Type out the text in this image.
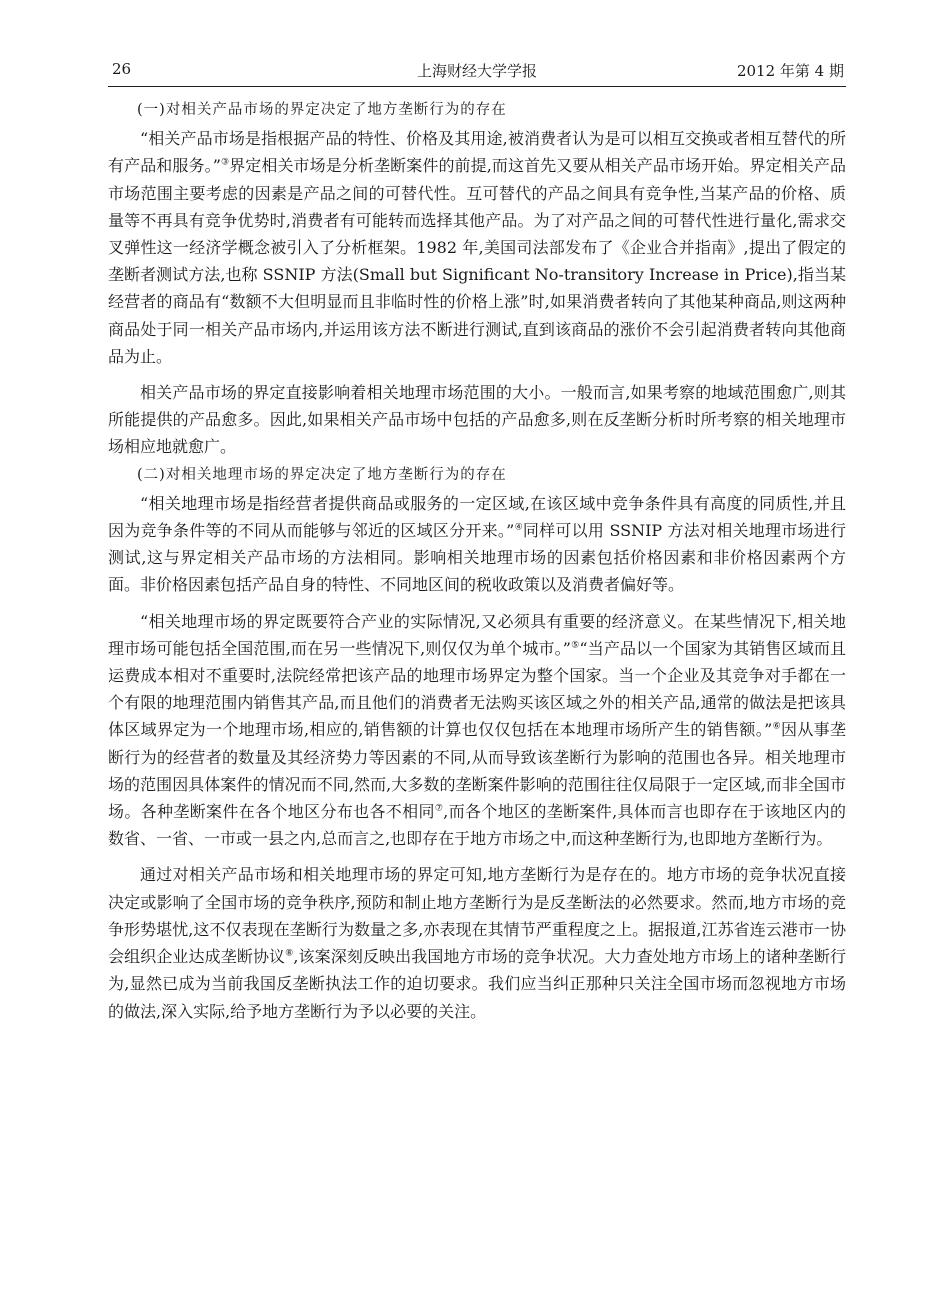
26	上海财经大学学报	2012 年第 4 期

(一)对相关产品市场的界定决定了地方垄断行为的存在

“相关产品市场是指根据产品的特性、价格及其用途,被消费者认为是可以相互交换或者相互替代的所有产品和服务。”③界定相关市场是分析垄断案件的前提,而这首先又要从相关产品市场开始。界定相关产品市场范围主要考虑的因素是产品之间的可替代性。互可替代的产品之间具有竞争性,当某产品的价格、质量等不再具有竞争优势时,消费者有可能转而选择其他产品。为了对产品之间的可替代性进行量化,需求交叉弹性这一经济学概念被引入了分析框架。1982 年,美国司法部发布了《企业合并指南》,提出了假定的垄断者测试方法,也称 SSNIP 方法(Small but Significant No-transitory Increase in Price),指当某经营者的商品有“数额不大但明显而且非临时性的价格上涨”时,如果消费者转向了其他某种商品,则这两种商品处于同一相关产品市场内,并运用该方法不断进行测试,直到该商品的涨价不会引起消费者转向其他商品为止。

相关产品市场的界定直接影响着相关地理市场范围的大小。一般而言,如果考察的地域范围愈广,则其所能提供的产品愈多。因此,如果相关产品市场中包括的产品愈多,则在反垄断分析时所考察的相关地理市场相应地就愈广。

(二)对相关地理市场的界定决定了地方垄断行为的存在

“相关地理市场是指经营者提供商品或服务的一定区域,在该区域中竞争条件具有高度的同质性,并且因为竞争条件等的不同从而能够与邻近的区域区分开来。”④同样可以用 SSNIP 方法对相关地理市场进行测试,这与界定相关产品市场的方法相同。影响相关地理市场的因素包括价格因素和非价格因素两个方面。非价格因素包括产品自身的特性、不同地区间的税收政策以及消费者偏好等。

“相关地理市场的界定既要符合产业的实际情况,又必须具有重要的经济意义。在某些情况下,相关地理市场可能包括全国范围,而在另一些情况下,则仅仅为单个城市。”⑤“当产品以一个国家为其销售区域而且运费成本相对不重要时,法院经常把该产品的地理市场界定为整个国家。当一个企业及其竞争对手都在一个有限的地理范围内销售其产品,而且他们的消费者无法购买该区域之外的相关产品,通常的做法是把该具体区域界定为一个地理市场,相应的,销售额的计算也仅仅包括在本地理市场所产生的销售额。”⑥因从事垄断行为的经营者的数量及其经济势力等因素的不同,从而导致该垄断行为影响的范围也各异。相关地理市场的范围因具体案件的情况而不同,然而,大多数的垄断案件影响的范围往往仅局限于一定区域,而非全国市场。各种垄断案件在各个地区分布也各不相同⑦,而各个地区的垄断案件,具体而言也即存在于该地区内的数省、一省、一市或一县之内,总而言之,也即存在于地方市场之中,而这种垄断行为,也即地方垄断行为。

通过对相关产品市场和相关地理市场的界定可知,地方垄断行为是存在的。地方市场的竞争状况直接决定或影响了全国市场的竞争秩序,预防和制止地方垄断行为是反垄断法的必然要求。然而,地方市场的竞争形势堪忧,这不仅表现在垄断行为数量之多,亦表现在其情节严重程度之上。据报道,江苏省连云港市一协会组织企业达成垄断协议⑧,该案深刻反映出我国地方市场的竞争状况。大力查处地方市场上的诸种垄断行为,显然已成为当前我国反垄断执法工作的迫切要求。我们应当纠正那种只关注全国市场而忽视地方市场的做法,深入实际,给予地方垄断行为予以必要的关注。
